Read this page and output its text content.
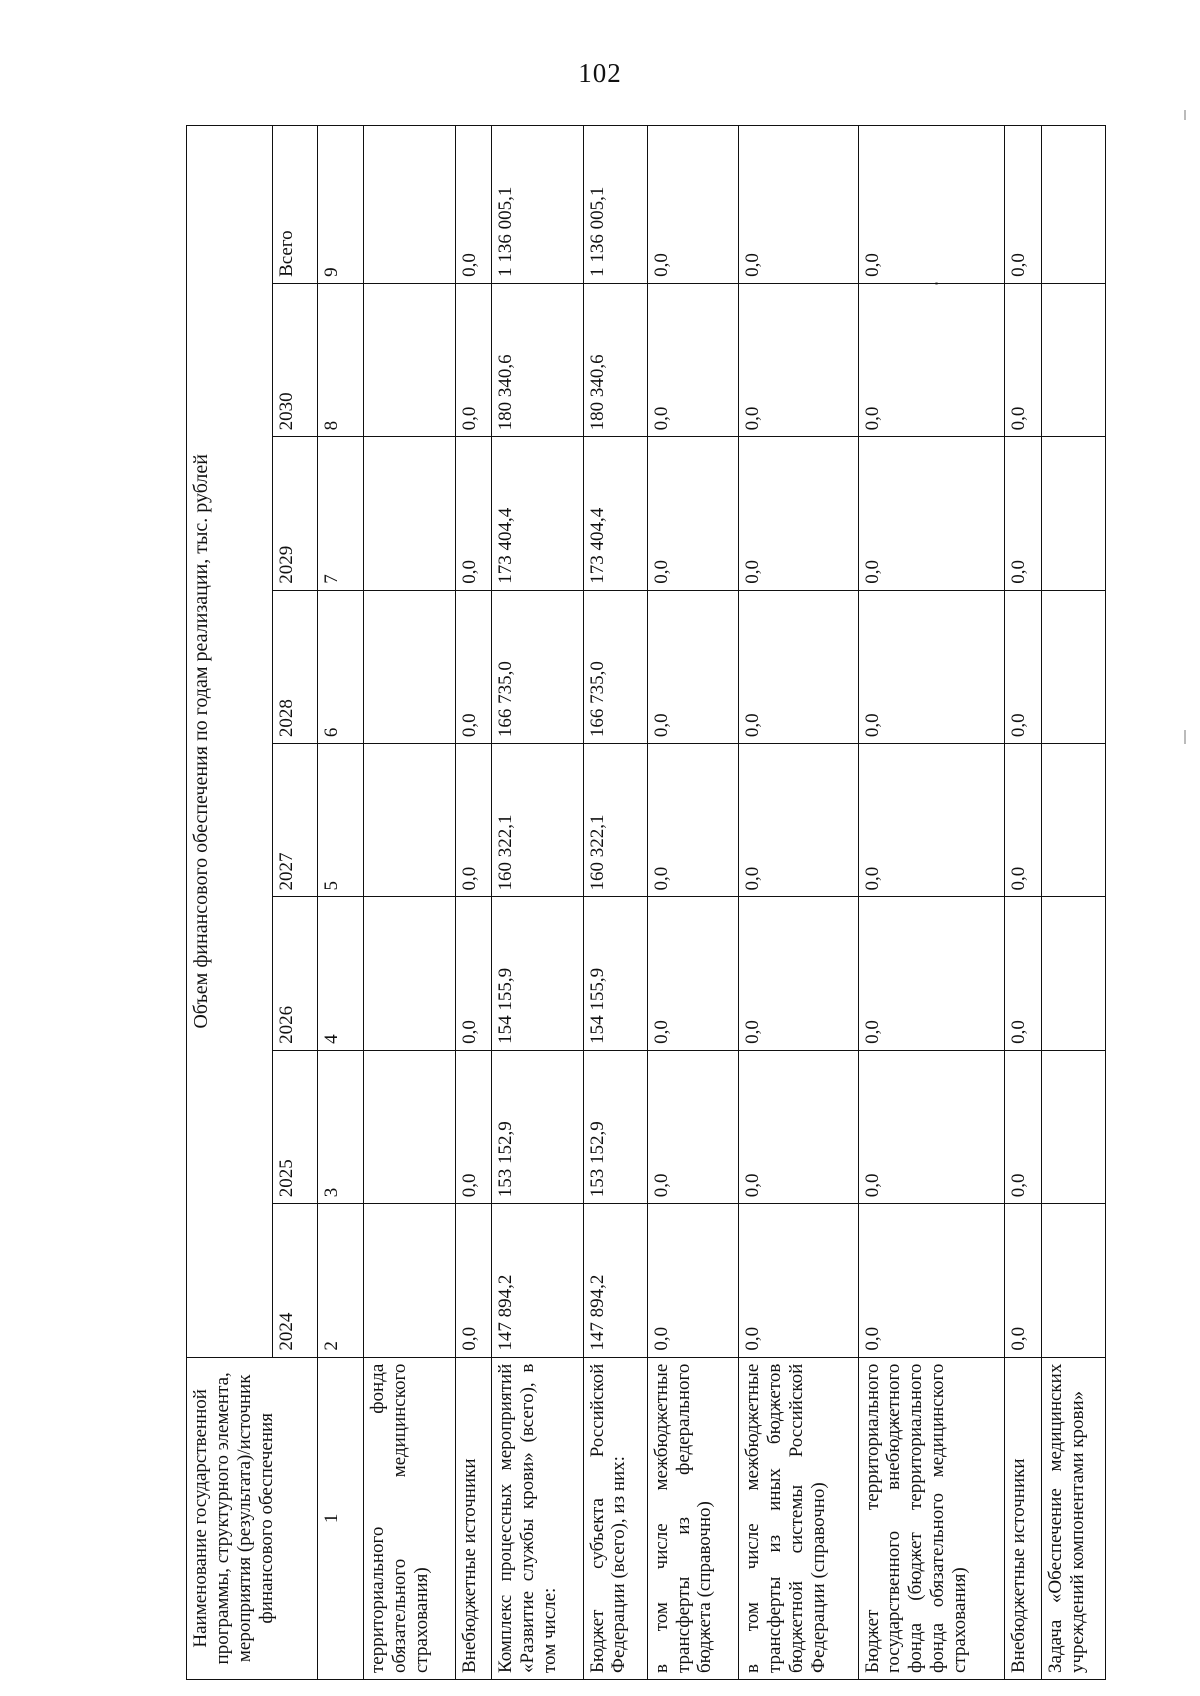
102
Наименование государственной программы, структурного элемента, мероприятия (результата)/источник финансового обеспечения	Объем финансового обеспечения по годам реализации, тыс. рублей							
	2024	2025	2026	2027	2028	2029	2030	Всего
1	2	3	4	5	6	7	8	9
территориального фонда обязательного медицинского страхования)								
Внебюджетные источники	0,0	0,0	0,0	0,0	0,0	0,0	0,0	0,0
Комплекс процессных мероприятий «Развитие службы крови» (всего), в том числе:	147 894,2	153 152,9	154 155,9	160 322,1	166 735,0	173 404,4	180 340,6	1 136 005,1
Бюджет субъекта Российской Федерации (всего), из них:	147 894,2	153 152,9	154 155,9	160 322,1	166 735,0	173 404,4	180 340,6	1 136 005,1
в том числе межбюджетные трансферты из федерального бюджета (справочно)	0,0	0,0	0,0	0,0	0,0	0,0	0,0	0,0
в том числе межбюджетные трансферты из иных бюджетов бюджетной системы Российской Федерации (справочно)	0,0	0,0	0,0	0,0	0,0	0,0	0,0	0,0
Бюджет территориального государственного внебюджетного фонда (бюджет территориального фонда обязательного медицинского страхования)	0,0	0,0	0,0	0,0	0,0	0,0	0,0	0,0
Внебюджетные источники	0,0	0,0	0,0	0,0	0,0	0,0	0,0	0,0
Задача «Обеспечение медицинских учреждений компонентами крови»								
